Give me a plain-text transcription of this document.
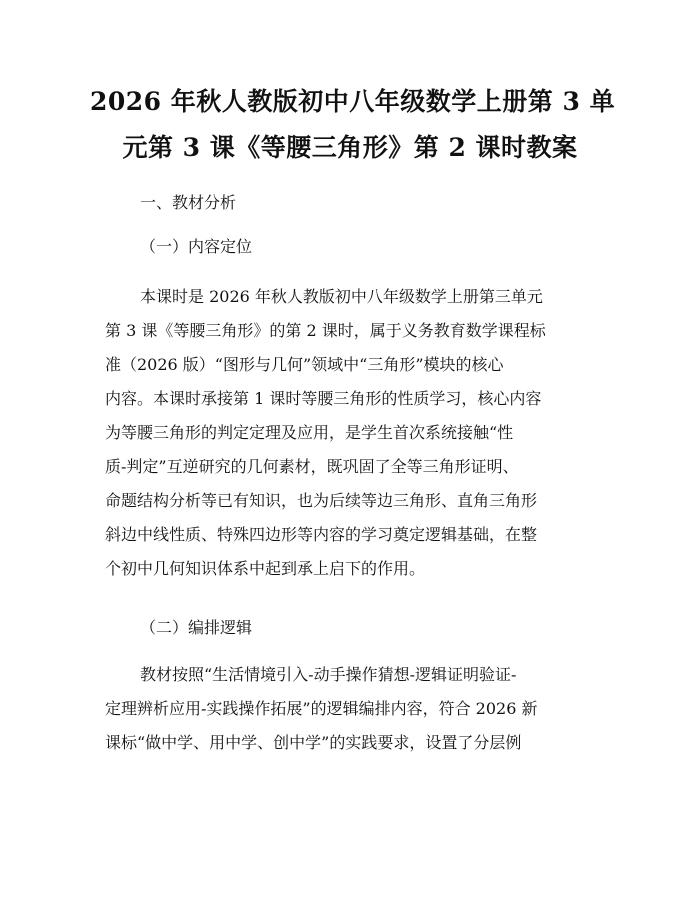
2026 年秋人教版初中八年级数学上册第 3 单
元第 3 课《等腰三角形》第 2 课时教案
一、教材分析
（一）内容定位
本课时是 2026 年秋人教版初中八年级数学上册第三单元
第 3 课《等腰三角形》的第 2 课时，属于义务教育数学课程标
准（2026 版）“图形与几何”领域中“三角形”模块的核心
内容。本课时承接第 1 课时等腰三角形的性质学习，核心内容
为等腰三角形的判定定理及应用，是学生首次系统接触“性
质-判定”互逆研究的几何素材，既巩固了全等三角形证明、
命题结构分析等已有知识，也为后续等边三角形、直角三角形
斜边中线性质、特殊四边形等内容的学习奠定逻辑基础，在整
个初中几何知识体系中起到承上启下的作用。
（二）编排逻辑
教材按照“生活情境引入-动手操作猜想-逻辑证明验证-
定理辨析应用-实践操作拓展”的逻辑编排内容，符合 2026 新
课标“做中学、用中学、创中学”的实践要求，设置了分层例
